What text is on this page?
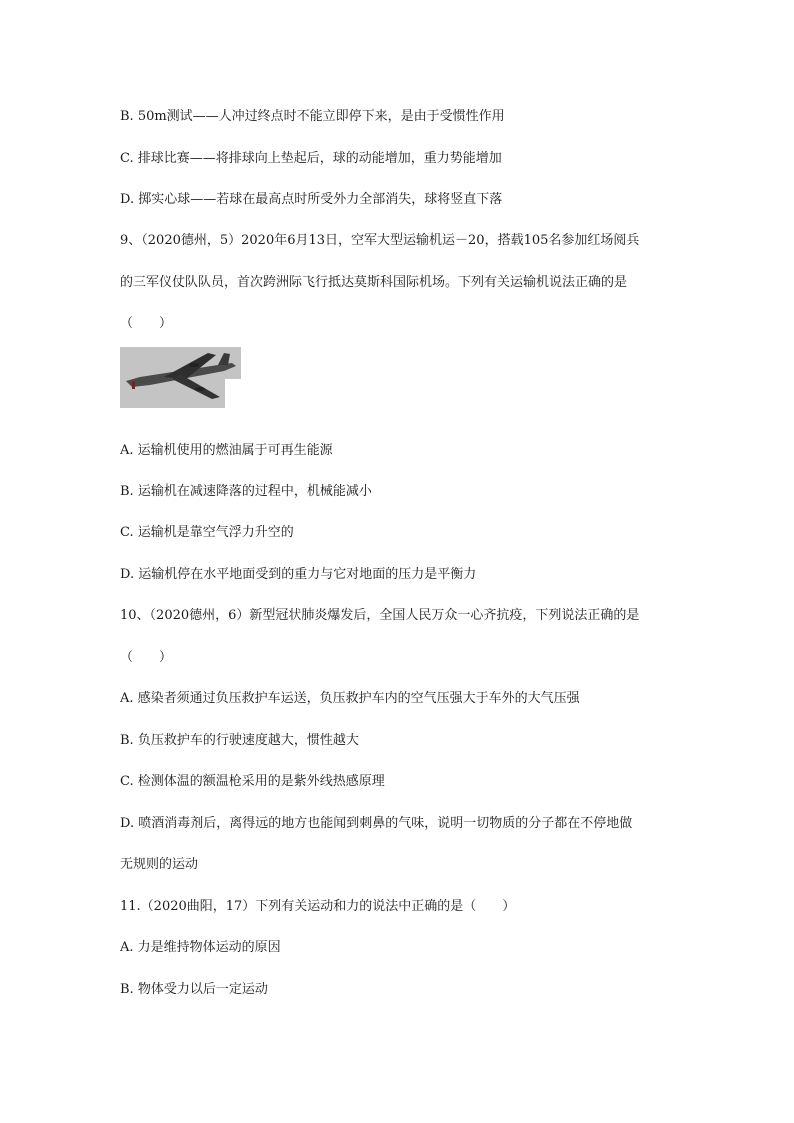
B. 50m测试——人冲过终点时不能立即停下来，是由于受惯性作用
C. 排球比赛——将排球向上垫起后，球的动能增加，重力势能增加
D. 掷实心球——若球在最高点时所受外力全部消失，球将竖直下落
9、（2020德州，5）2020年6月13日，空军大型运输机运－20，搭载105名参加红场阅兵
的三军仪仗队队员，首次跨洲际飞行抵达莫斯科国际机场。下列有关运输机说法正确的是
（　　）
A. 运输机使用的燃油属于可再生能源
B. 运输机在减速降落的过程中，机械能减小
C. 运输机是靠空气浮力升空的
D. 运输机停在水平地面受到的重力与它对地面的压力是平衡力
10、（2020德州，6）新型冠状肺炎爆发后，全国人民万众一心齐抗疫，下列说法正确的是
（　　）
A. 感染者须通过负压救护车运送，负压救护车内的空气压强大于车外的大气压强
B. 负压救护车的行驶速度越大，惯性越大
C. 检测体温的额温枪采用的是紫外线热感原理
D. 喷酒消毒剂后，离得远的地方也能闻到刺鼻的气味，说明一切物质的分子都在不停地做
无规则的运动
11.（2020曲阳，17）下列有关运动和力的说法中正确的是（　　）
A. 力是维持物体运动的原因
B. 物体受力以后一定运动
